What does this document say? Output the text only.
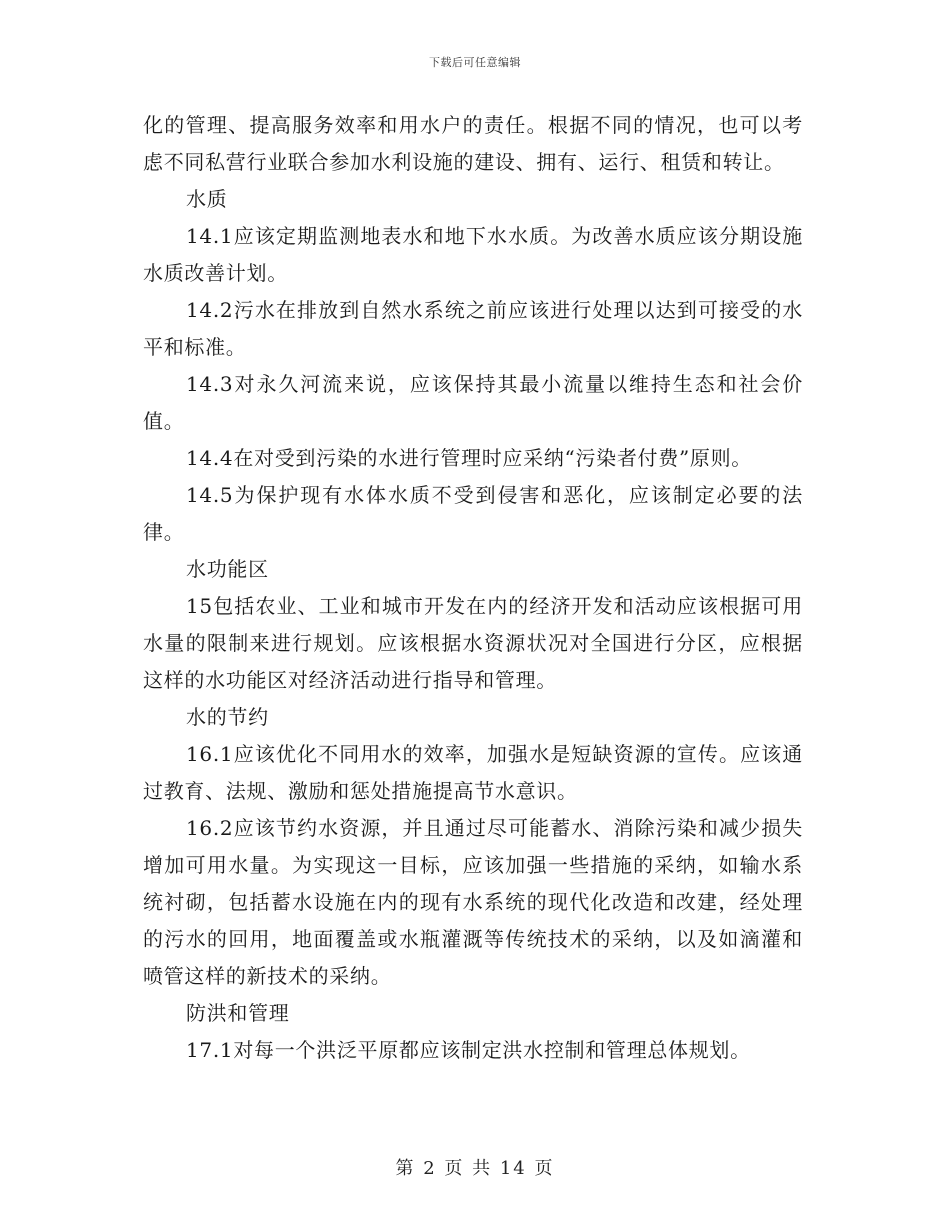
下载后可任意编辑

化的管理、提高服务效率和用水户的责任。根据不同的情况，也可以考虑不同私营行业联合参加水利设施的建设、拥有、运行、租赁和转让。

水质

14.1应该定期监测地表水和地下水水质。为改善水质应该分期设施水质改善计划。

14.2污水在排放到自然水系统之前应该进行处理以达到可接受的水平和标准。

14.3对永久河流来说，应该保持其最小流量以维持生态和社会价值。

14.4在对受到污染的水进行管理时应采纳“污染者付费”原则。

14.5为保护现有水体水质不受到侵害和恶化，应该制定必要的法律。

水功能区

15包括农业、工业和城市开发在内的经济开发和活动应该根据可用水量的限制来进行规划。应该根据水资源状况对全国进行分区，应根据这样的水功能区对经济活动进行指导和管理。

水的节约

16.1应该优化不同用水的效率，加强水是短缺资源的宣传。应该通过教育、法规、激励和惩处措施提高节水意识。

16.2应该节约水资源，并且通过尽可能蓄水、消除污染和减少损失增加可用水量。为实现这一目标，应该加强一些措施的采纳，如输水系统衬砌，包括蓄水设施在内的现有水系统的现代化改造和改建，经处理的污水的回用，地面覆盖或水瓶灌溉等传统技术的采纳，以及如滴灌和喷管这样的新技术的采纳。

防洪和管理

17.1对每一个洪泛平原都应该制定洪水控制和管理总体规划。

第 2 页 共 14 页
